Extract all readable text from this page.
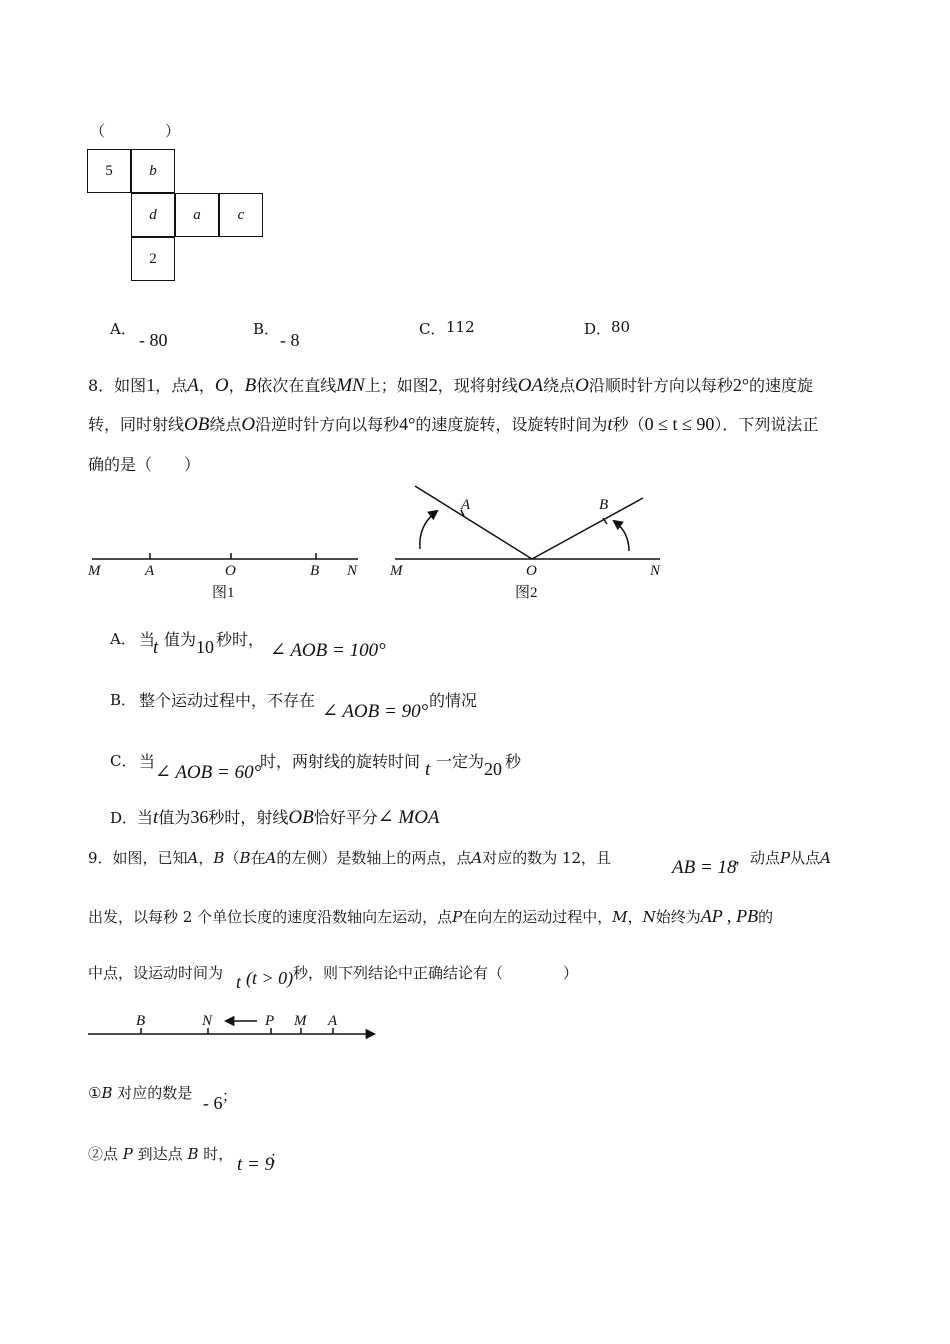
（　　　　）
5	b
d	a	c
2
A．
- 80
B．
- 8
C． 112	D． 80
8．如图1，点A，O，B依次在直线MN上；如图2，现将射线OA绕点O沿顺时针方向以每秒2°的速度旋
转，同时射线OB绕点O沿逆时针方向以每秒4°的速度旋转，设旋转时间为t秒（0 ≤ t ≤ 90）．下列说法正
确的是（　　）
M	A	O	B N
图1
M	O	N
A	B
图2
A． 当
t 值为 10 秒时，
∠ AOB = 100°
B． 整个运动过程中，不存在
∠ AOB = 90°
的情况
C． 当
∠ AOB = 60°
时，两射线的旋转时间 t 一定为 20 秒
D．当t值为36秒时，射线OB恰好平分∠ MOA
9．如图，已知A，B（B在A的左侧）是数轴上的两点，点A对应的数为 12，且	AB = 18
，动点P从点A
出发，以每秒 2 个单位长度的速度沿数轴向左运动，点P在向左的运动过程中，M，N始终为AP , PB的
中点，设运动时间为 t (t > 0) 秒，则下列结论中正确结论有（　　　　）
B	N	P M A
①B 对应的数是 - 6 ；
②点 P 到达点 B 时， t = 9
；
